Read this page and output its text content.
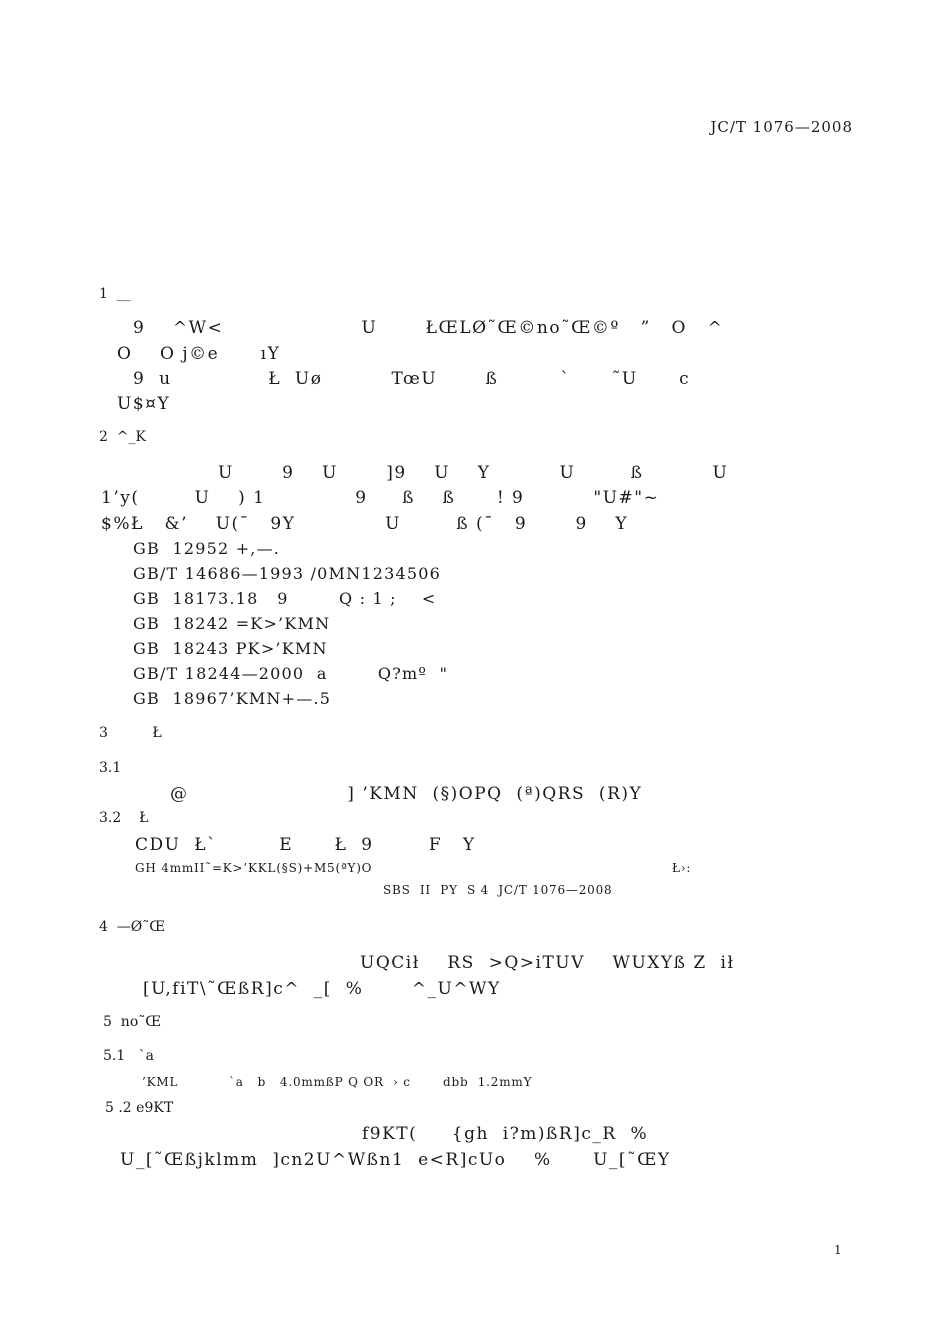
JC/T 1076—2008
1  __
9    ^W<                    U       ŁŒLØ˜Œ©no˜Œ©º   ”   O   ^
O    O j©e      ıY
9  u              Ł  Uø          TœU       ß         `      ˜U      c
U$¤Y
2  ^_K
U       9    U       ]9    U    Y          U        ß          U
1’y(        U    ) 1             9     ß    ß      ! 9          "U#"~
$%Ł   &’    U(¯   9Y             U        ß (¯   9       9    Y
GB  12952 +,—.
GB/T 14686—1993 /0MN1234506
GB  18173.18   9        Q : 1 ;    <
GB  18242 =K>’KMN
GB  18243 PK>’KMN
GB/T 18244—2000  a        Q?mº  "
GB  18967’KMN+—.5
3          Ł
3.1
@                       ] ’KMN  (§)OPQ  (ª)QRS  (R)Y
3.2    Ł
CDU  Ł`         E      Ł  9        F   Y
GH 4mmII˜=K>’KKL(§S)+M5(ªY)O	Ł›:
SBS  II  PY  S 4  JC/T 1076—2008
4  —Ø˜Œ
UQCił    RS  >Q>iTUV    WUXYß Z  ił
[U,fiT\˜ŒßR]c^  _[  %       ^_U^WY
5  no˜Œ
5.1   `a
’KML           `a   b   4.0mmßP Q OR  › c       dbb  1.2mmY
5 .2 e9KT
f9KT(     {gh  i?m)ßR]c_R  %
U_[˜Œßjklmm  ]cn2U^Wßn1  e<R]cUo    %      U_[˜ŒY
1
